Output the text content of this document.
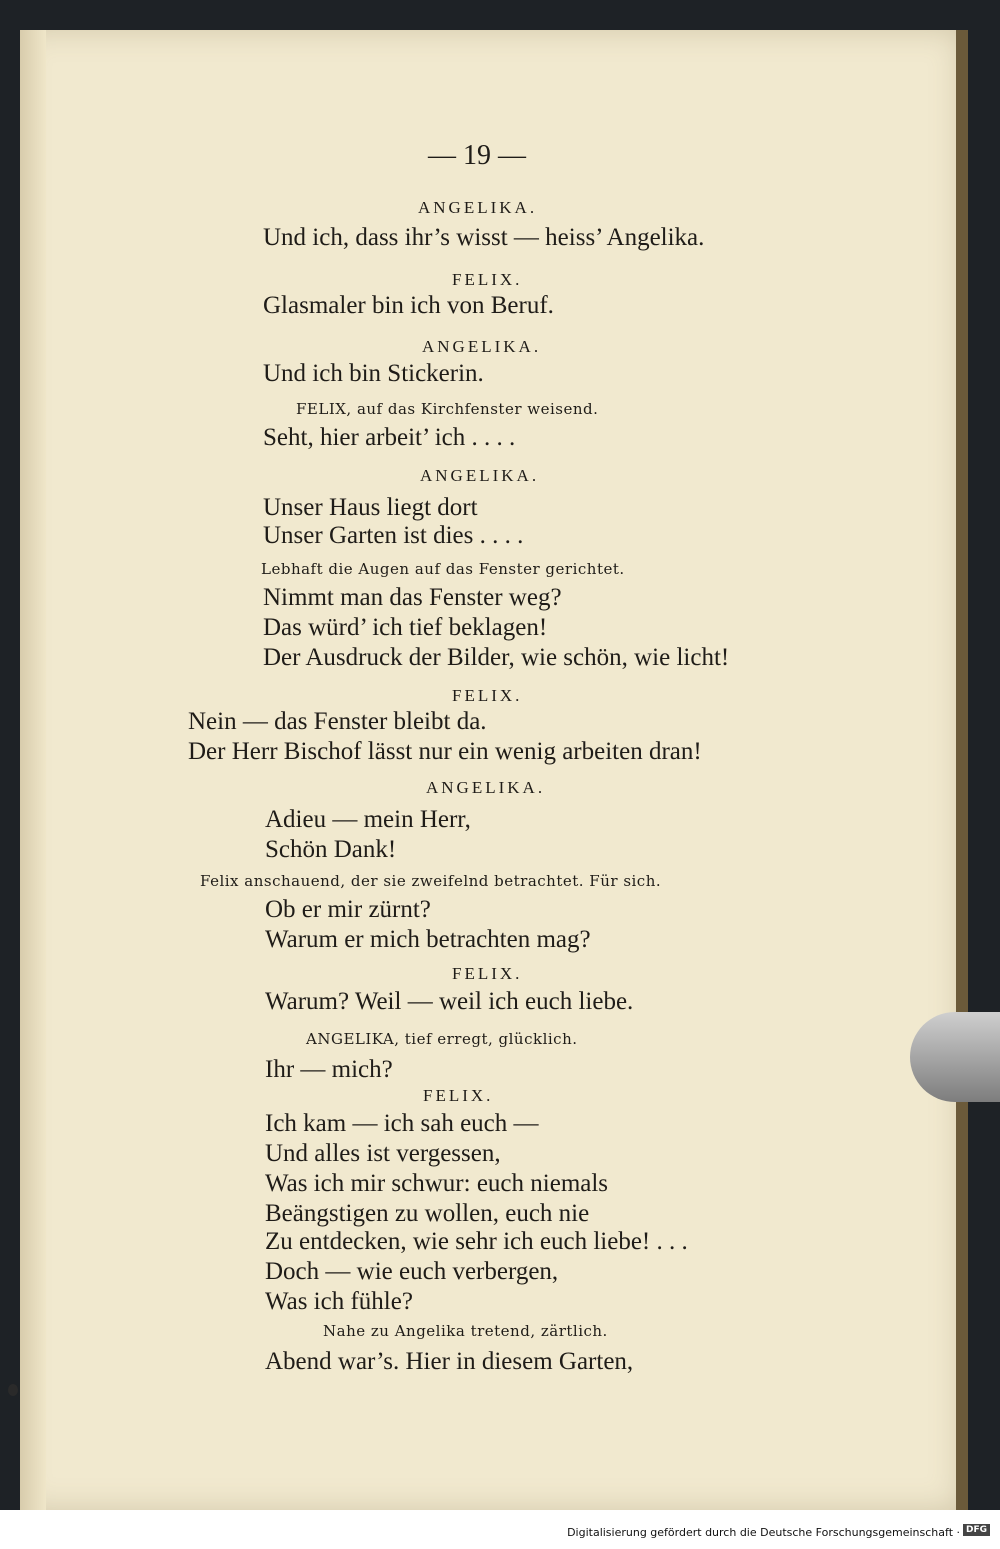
— 19 —
ANGELIKA.
Und ich, dass ihr’s wisst — heiss’ Angelika.
FELIX.
Glasmaler bin ich von Beruf.
ANGELIKA.
Und ich bin Stickerin.
FELIX, auf das Kirchfenster weisend.
Seht, hier arbeit’ ich . . . .
ANGELIKA.
Unser Haus liegt dort
Unser Garten ist dies . . . .
Lebhaft die Augen auf das Fenster gerichtet.
Nimmt man das Fenster weg?
Das würd’ ich tief beklagen!
Der Ausdruck der Bilder, wie schön, wie licht!
FELIX.
Nein — das Fenster bleibt da.
Der Herr Bischof lässt nur ein wenig arbeiten dran!
ANGELIKA.
Adieu — mein Herr,
Schön Dank!
Felix anschauend, der sie zweifelnd betrachtet. Für sich.
Ob er mir zürnt?
Warum er mich betrachten mag?
FELIX.
Warum? Weil — weil ich euch liebe.
ANGELIKA, tief erregt, glücklich.
Ihr — mich?
FELIX.
Ich kam — ich sah euch —
Und alles ist vergessen,
Was ich mir schwur: euch niemals
Beängstigen zu wollen, euch nie
Zu entdecken, wie sehr ich euch liebe! . . .
Doch — wie euch verbergen,
Was ich fühle?
Nahe zu Angelika tretend, zärtlich.
Abend war’s. Hier in diesem Garten,
Digitalisierung gefördert durch die Deutsche Forschungsgemeinschaft · DFG
